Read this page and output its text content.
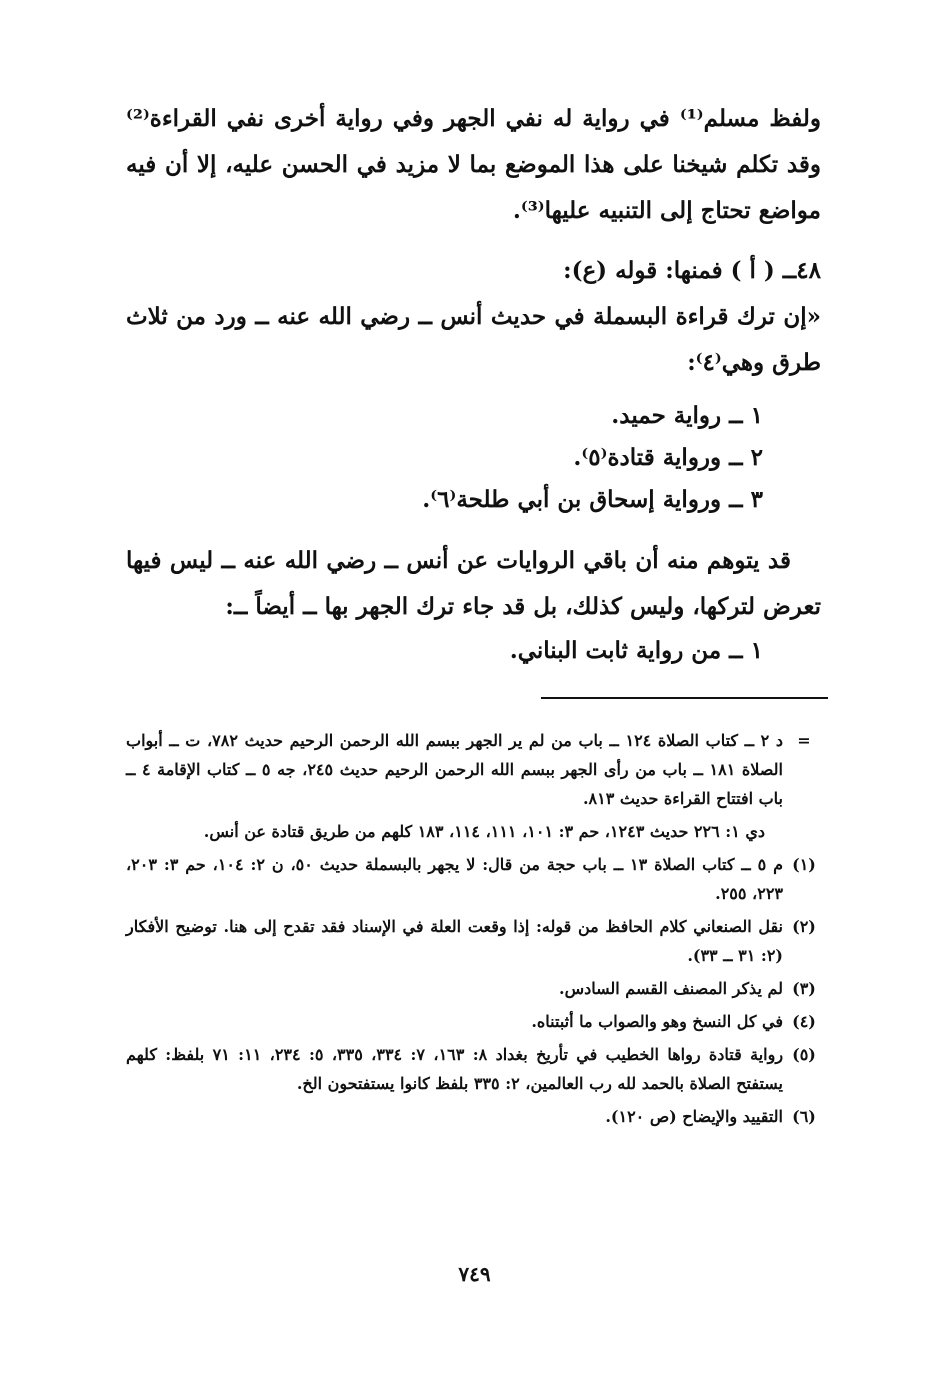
ولفظ مسلم⁽¹⁾ في رواية له نفي الجهر وفي رواية أخرى نفي القراءة⁽²⁾ وقد تكلم شيخنا على هذا الموضع بما لا مزيد في الحسن عليه، إلا أن فيه مواضع تحتاج إلى التنبيه عليها⁽³⁾.
٤٨ــ ( أ ) فمنها: قوله (ع):
«إن ترك قراءة البسملة في حديث أنس ــ رضي الله عنه ــ ورد من ثلاث طرق وهي⁽٤⁾:
١ ــ رواية حميد.
٢ ــ ورواية قتادة⁽٥⁾.
٣ ــ ورواية إسحاق بن أبي طلحة⁽٦⁾.
قد يتوهم منه أن باقي الروايات عن أنس ــ رضي الله عنه ــ ليس فيها تعرض لتركها، وليس كذلك، بل قد جاء ترك الجهر بها ــ أيضاً ــ:
١ ــ من رواية ثابت البناني.
=
د ٢ ــ كتاب الصلاة ١٢٤ ــ باب من لم ير الجهر ببسم الله الرحمن الرحيم حديث ٧٨٢، ت ــ أبواب الصلاة ١٨١ ــ باب من رأى الجهر ببسم الله الرحمن الرحيم حديث ٢٤٥، جه ٥ ــ كتاب الإقامة ٤ ــ باب افتتاح القراءة حديث ٨١٣.
دي ١: ٢٢٦ حديث ١٢٤٣، حم ٣: ١٠١، ١١١، ١١٤، ١٨٣ كلهم من طريق قتادة عن أنس.
(١)
م ٥ ــ كتاب الصلاة ١٣ ــ باب حجة من قال: لا يجهر بالبسملة حديث ٥٠، ن ٢: ١٠٤، حم ٣: ٢٠٣، ٢٢٣، ٢٥٥.
(٢)
نقل الصنعاني كلام الحافظ من قوله: إذا وقعت العلة في الإسناد فقد تقدح إلى هنا. توضيح الأفكار (٢: ٣١ ــ ٣٣).
(٣)
لم يذكر المصنف القسم السادس.
(٤)
في كل النسخ وهو والصواب ما أثبتناه.
(٥)
رواية قتادة رواها الخطيب في تأريخ بغداد ٨: ١٦٣، ٧: ٣٣٤، ٣٣٥، ٥: ٢٣٤، ١١: ٧١ بلفظ: كلهم يستفتح الصلاة بالحمد لله رب العالمين، ٢: ٣٣٥ بلفظ كانوا يستفتحون الخ.
(٦)
التقييد والإيضاح (ص ١٢٠).
٧٤٩
